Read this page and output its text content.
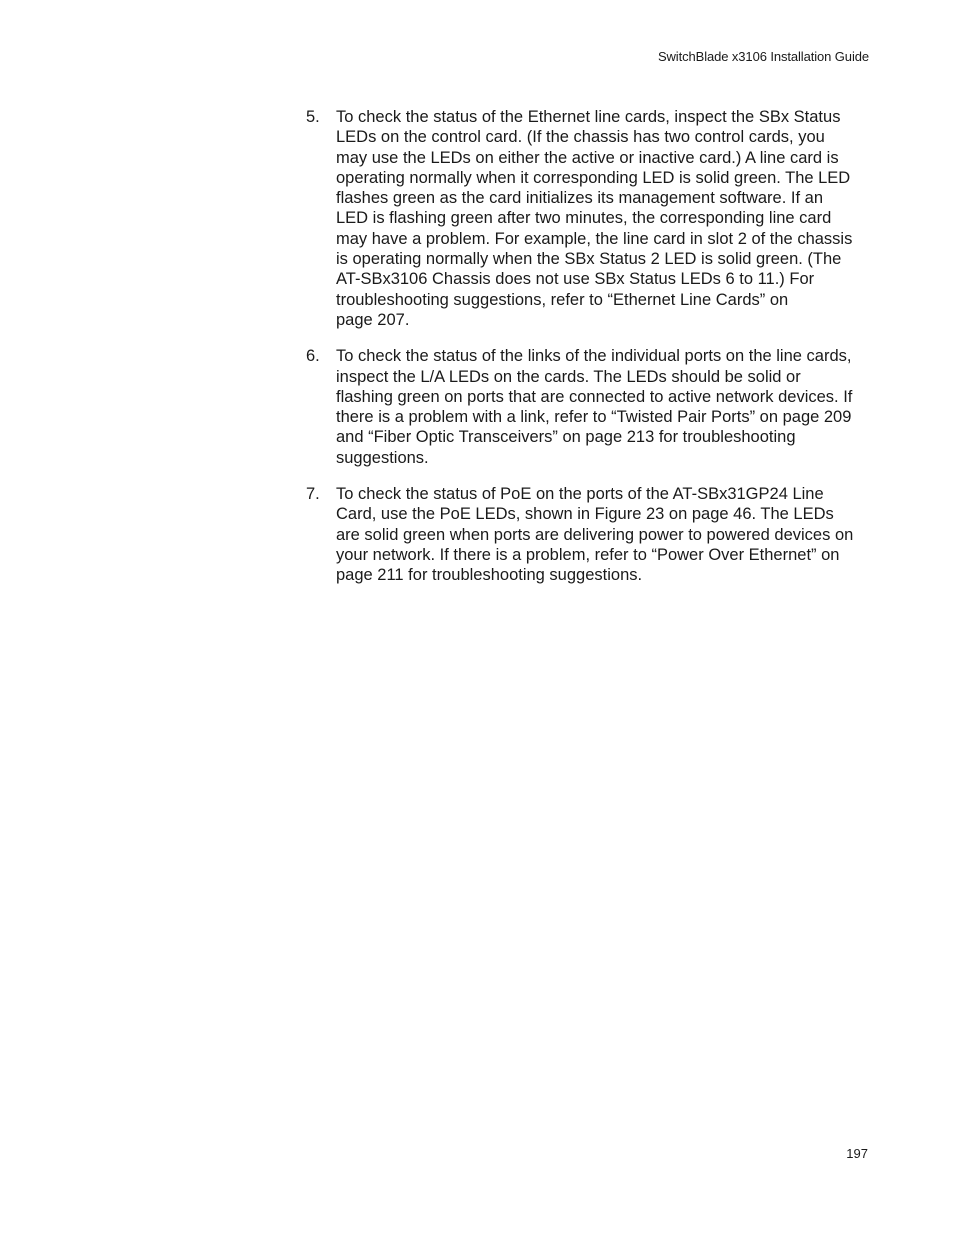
SwitchBlade x3106 Installation Guide
5. To check the status of the Ethernet line cards, inspect the SBx Status
LEDs on the control card. (If the chassis has two control cards, you
may use the LEDs on either the active or inactive card.) A line card is
operating normally when it corresponding LED is solid green. The LED
flashes green as the card initializes its management software. If an
LED is flashing green after two minutes, the corresponding line card
may have a problem. For example, the line card in slot 2 of the chassis
is operating normally when the SBx Status 2 LED is solid green. (The
AT-SBx3106 Chassis does not use SBx Status LEDs 6 to 11.) For
troubleshooting suggestions, refer to “Ethernet Line Cards” on
page 207.
6. To check the status of the links of the individual ports on the line cards,
inspect the L/A LEDs on the cards. The LEDs should be solid or
flashing green on ports that are connected to active network devices. If
there is a problem with a link, refer to “Twisted Pair Ports” on page 209
and “Fiber Optic Transceivers” on page 213 for troubleshooting
suggestions.
7. To check the status of PoE on the ports of the AT-SBx31GP24 Line
Card, use the PoE LEDs, shown in Figure 23 on page 46. The LEDs
are solid green when ports are delivering power to powered devices on
your network. If there is a problem, refer to “Power Over Ethernet” on
page 211 for troubleshooting suggestions.
197
